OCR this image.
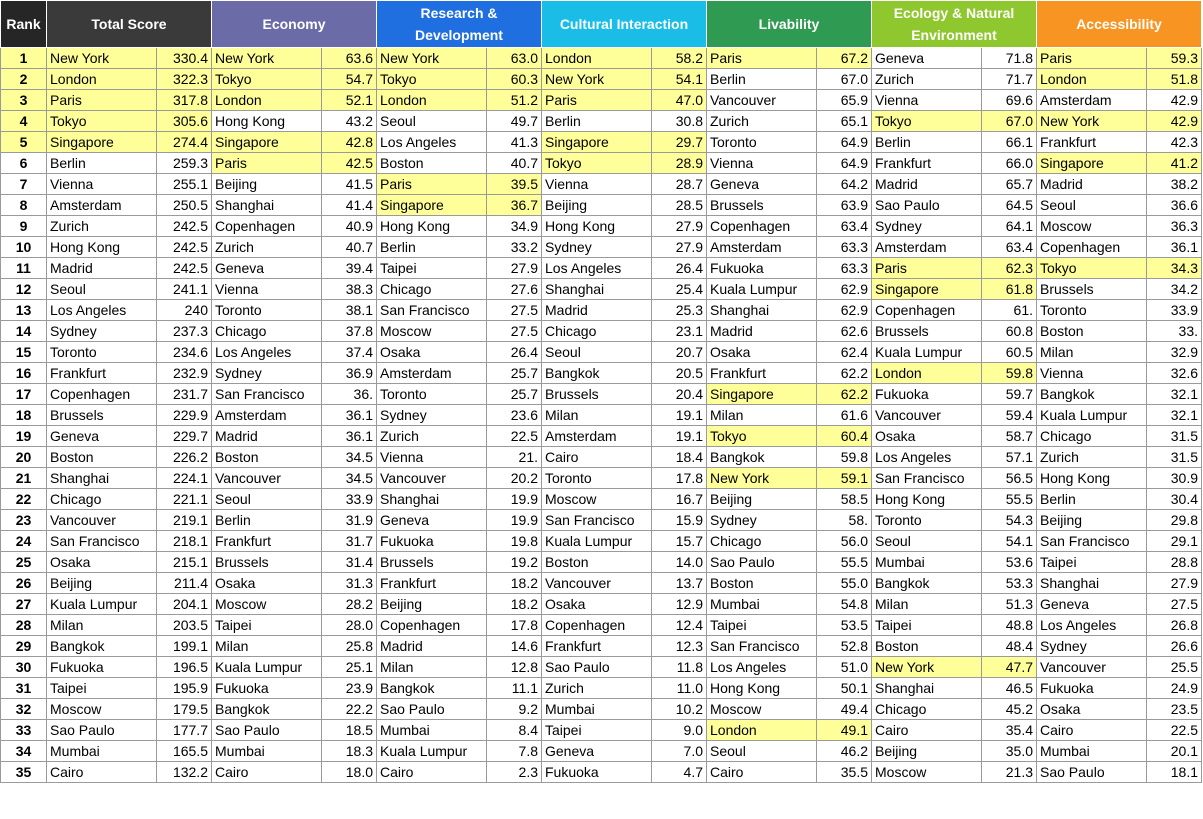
Rank	Total Score		Economy		Research & Development		Cultural Interaction		Livability		Ecology & Natural Environment		Accessibility	
1	New York	330.4	New York	63.6	New York	63.0	London	58.2	Paris	67.2	Geneva	71.8	Paris	59.3
2	London	322.3	Tokyo	54.7	Tokyo	60.3	New York	54.1	Berlin	67.0	Zurich	71.7	London	51.8
3	Paris	317.8	London	52.1	London	51.2	Paris	47.0	Vancouver	65.9	Vienna	69.6	Amsterdam	42.9
4	Tokyo	305.6	Hong Kong	43.2	Seoul	49.7	Berlin	30.8	Zurich	65.1	Tokyo	67.0	New York	42.9
5	Singapore	274.4	Singapore	42.8	Los Angeles	41.3	Singapore	29.7	Toronto	64.9	Berlin	66.1	Frankfurt	42.3
6	Berlin	259.3	Paris	42.5	Boston	40.7	Tokyo	28.9	Vienna	64.9	Frankfurt	66.0	Singapore	41.2
7	Vienna	255.1	Beijing	41.5	Paris	39.5	Vienna	28.7	Geneva	64.2	Madrid	65.7	Madrid	38.2
8	Amsterdam	250.5	Shanghai	41.4	Singapore	36.7	Beijing	28.5	Brussels	63.9	Sao Paulo	64.5	Seoul	36.6
9	Zurich	242.5	Copenhagen	40.9	Hong Kong	34.9	Hong Kong	27.9	Copenhagen	63.4	Sydney	64.1	Moscow	36.3
10	Hong Kong	242.5	Zurich	40.7	Berlin	33.2	Sydney	27.9	Amsterdam	63.3	Amsterdam	63.4	Copenhagen	36.1
11	Madrid	242.5	Geneva	39.4	Taipei	27.9	Los Angeles	26.4	Fukuoka	63.3	Paris	62.3	Tokyo	34.3
12	Seoul	241.1	Vienna	38.3	Chicago	27.6	Shanghai	25.4	Kuala Lumpur	62.9	Singapore	61.8	Brussels	34.2
13	Los Angeles	240	Toronto	38.1	San Francisco	27.5	Madrid	25.3	Shanghai	62.9	Copenhagen	61.	Toronto	33.9
14	Sydney	237.3	Chicago	37.8	Moscow	27.5	Chicago	23.1	Madrid	62.6	Brussels	60.8	Boston	33.
15	Toronto	234.6	Los Angeles	37.4	Osaka	26.4	Seoul	20.7	Osaka	62.4	Kuala Lumpur	60.5	Milan	32.9
16	Frankfurt	232.9	Sydney	36.9	Amsterdam	25.7	Bangkok	20.5	Frankfurt	62.2	London	59.8	Vienna	32.6
17	Copenhagen	231.7	San Francisco	36.	Toronto	25.7	Brussels	20.4	Singapore	62.2	Fukuoka	59.7	Bangkok	32.1
18	Brussels	229.9	Amsterdam	36.1	Sydney	23.6	Milan	19.1	Milan	61.6	Vancouver	59.4	Kuala Lumpur	32.1
19	Geneva	229.7	Madrid	36.1	Zurich	22.5	Amsterdam	19.1	Tokyo	60.4	Osaka	58.7	Chicago	31.5
20	Boston	226.2	Boston	34.5	Vienna	21.	Cairo	18.4	Bangkok	59.8	Los Angeles	57.1	Zurich	31.5
21	Shanghai	224.1	Vancouver	34.5	Vancouver	20.2	Toronto	17.8	New York	59.1	San Francisco	56.5	Hong Kong	30.9
22	Chicago	221.1	Seoul	33.9	Shanghai	19.9	Moscow	16.7	Beijing	58.5	Hong Kong	55.5	Berlin	30.4
23	Vancouver	219.1	Berlin	31.9	Geneva	19.9	San Francisco	15.9	Sydney	58.	Toronto	54.3	Beijing	29.8
24	San Francisco	218.1	Frankfurt	31.7	Fukuoka	19.8	Kuala Lumpur	15.7	Chicago	56.0	Seoul	54.1	San Francisco	29.1
25	Osaka	215.1	Brussels	31.4	Brussels	19.2	Boston	14.0	Sao Paulo	55.5	Mumbai	53.6	Taipei	28.8
26	Beijing	211.4	Osaka	31.3	Frankfurt	18.2	Vancouver	13.7	Boston	55.0	Bangkok	53.3	Shanghai	27.9
27	Kuala Lumpur	204.1	Moscow	28.2	Beijing	18.2	Osaka	12.9	Mumbai	54.8	Milan	51.3	Geneva	27.5
28	Milan	203.5	Taipei	28.0	Copenhagen	17.8	Copenhagen	12.4	Taipei	53.5	Taipei	48.8	Los Angeles	26.8
29	Bangkok	199.1	Milan	25.8	Madrid	14.6	Frankfurt	12.3	San Francisco	52.8	Boston	48.4	Sydney	26.6
30	Fukuoka	196.5	Kuala Lumpur	25.1	Milan	12.8	Sao Paulo	11.8	Los Angeles	51.0	New York	47.7	Vancouver	25.5
31	Taipei	195.9	Fukuoka	23.9	Bangkok	11.1	Zurich	11.0	Hong Kong	50.1	Shanghai	46.5	Fukuoka	24.9
32	Moscow	179.5	Bangkok	22.2	Sao Paulo	9.2	Mumbai	10.2	Moscow	49.4	Chicago	45.2	Osaka	23.5
33	Sao Paulo	177.7	Sao Paulo	18.5	Mumbai	8.4	Taipei	9.0	London	49.1	Cairo	35.4	Cairo	22.5
34	Mumbai	165.5	Mumbai	18.3	Kuala Lumpur	7.8	Geneva	7.0	Seoul	46.2	Beijing	35.0	Mumbai	20.1
35	Cairo	132.2	Cairo	18.0	Cairo	2.3	Fukuoka	4.7	Cairo	35.5	Moscow	21.3	Sao Paulo	18.1
